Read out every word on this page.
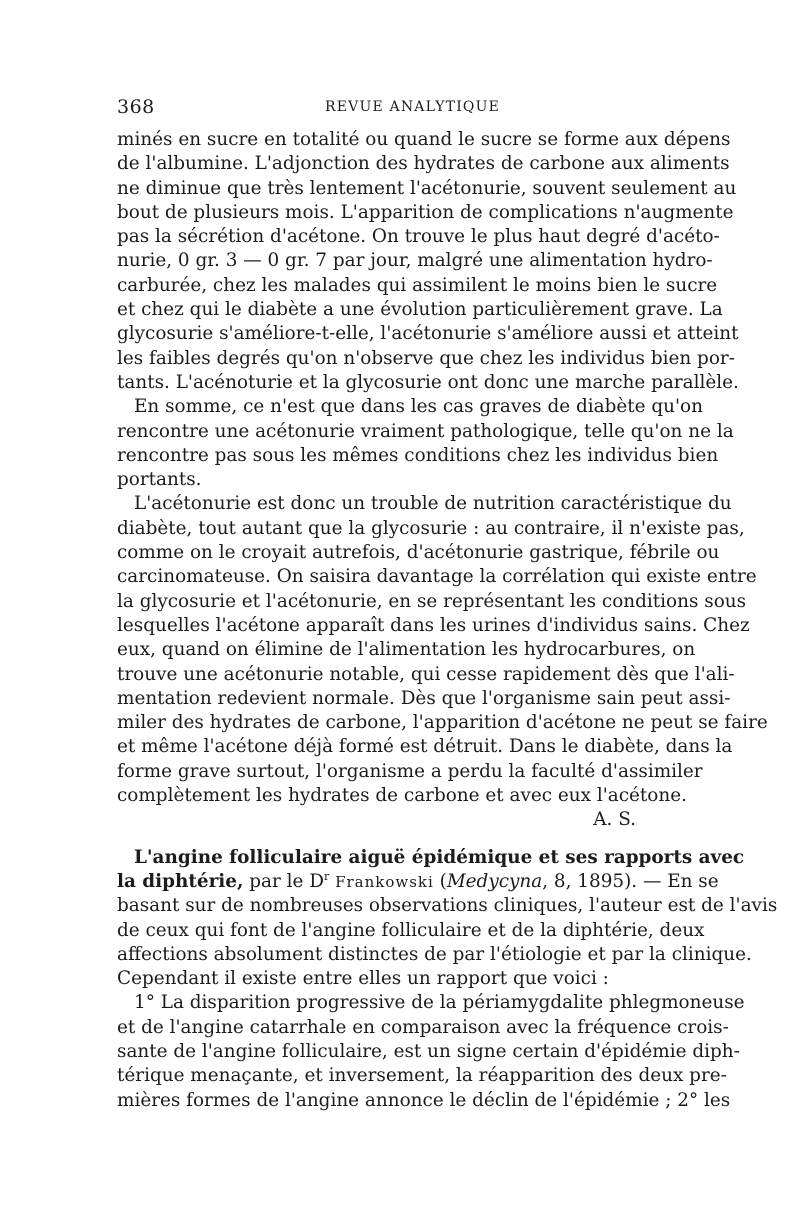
368	REVUE ANALYTIQUE
minés en sucre en totalité ou quand le sucre se forme aux dépens
de l'albumine. L'adjonction des hydrates de carbone aux aliments
ne diminue que très lentement l'acétonurie, souvent seulement au
bout de plusieurs mois. L'apparition de complications n'augmente
pas la sécrétion d'acétone. On trouve le plus haut degré d'acéto-
nurie, 0 gr. 3 — 0 gr. 7 par jour, malgré une alimentation hydro-
carburée, chez les malades qui assimilent le moins bien le sucre
et chez qui le diabète a une évolution particulièrement grave. La
glycosurie s'améliore-t-elle, l'acétonurie s'améliore aussi et atteint
les faibles degrés qu'on n'observe que chez les individus bien por-
tants. L'acénoturie et la glycosurie ont donc une marche parallèle.
En somme, ce n'est que dans les cas graves de diabète qu'on
rencontre une acétonurie vraiment pathologique, telle qu'on ne la
rencontre pas sous les mêmes conditions chez les individus bien
portants.
L'acétonurie est donc un trouble de nutrition caractéristique du
diabète, tout autant que la glycosurie : au contraire, il n'existe pas,
comme on le croyait autrefois, d'acétonurie gastrique, fébrile ou
carcinomateuse. On saisira davantage la corrélation qui existe entre
la glycosurie et l'acétonurie, en se représentant les conditions sous
lesquelles l'acétone apparaît dans les urines d'individus sains. Chez
eux, quand on élimine de l'alimentation les hydrocarbures, on
trouve une acétonurie notable, qui cesse rapidement dès que l'ali-
mentation redevient normale. Dès que l'organisme sain peut assi-
miler des hydrates de carbone, l'apparition d'acétone ne peut se faire
et même l'acétone déjà formé est détruit. Dans le diabète, dans la
forme grave surtout, l'organisme a perdu la faculté d'assimiler
complètement les hydrates de carbone et avec eux l'acétone.
A. S.
L'angine folliculaire aiguë épidémique et ses rapports avec
la diphtérie, par le $D^r$ Frankowski (Medycyna, 8, 1895). — En se
basant sur de nombreuses observations cliniques, l'auteur est de l'avis
de ceux qui font de l'angine folliculaire et de la diphtérie, deux
affections absolument distinctes de par l'étiologie et par la clinique.
Cependant il existe entre elles un rapport que voici :
1° La disparition progressive de la périamygdalite phlegmoneuse
et de l'angine catarrhale en comparaison avec la fréquence crois-
sante de l'angine folliculaire, est un signe certain d'épidémie diph-
térique menaçante, et inversement, la réapparition des deux pre-
mières formes de l'angine annonce le déclin de l'épidémie ; 2° les
